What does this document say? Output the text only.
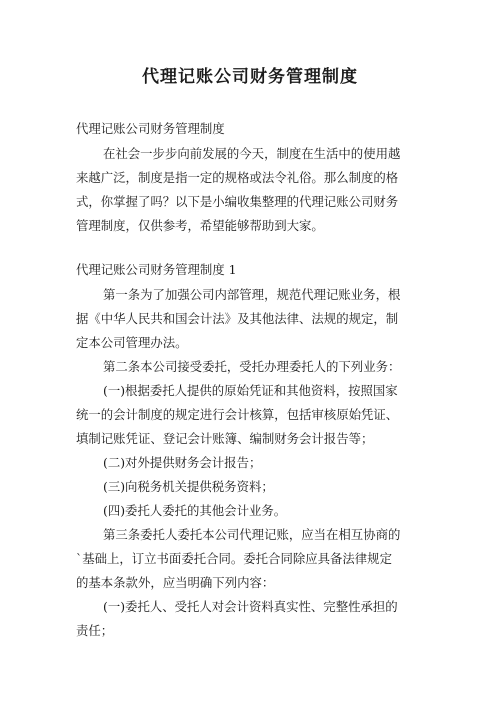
代理记账公司财务管理制度
代理记账公司财务管理制度
在社会一步步向前发展的今天，制度在生活中的使用越
来越广泛，制度是指一定的规格或法令礼俗。那么制度的格
式，你掌握了吗？以下是小编收集整理的代理记账公司财务
管理制度，仅供参考，希望能够帮助到大家。
代理记账公司财务管理制度 1
第一条为了加强公司内部管理，规范代理记账业务，根
据《中华人民共和国会计法》及其他法律、法规的规定，制
定本公司管理办法。
第二条本公司接受委托，受托办理委托人的下列业务：
(一)根据委托人提供的原始凭证和其他资料，按照国家
统一的会计制度的规定进行会计核算，包括审核原始凭证、
填制记账凭证、登记会计账簿、编制财务会计报告等；
(二)对外提供财务会计报告；
(三)向税务机关提供税务资料；
(四)委托人委托的其他会计业务。
第三条委托人委托本公司代理记账，应当在相互协商的
`基础上，订立书面委托合同。委托合同除应具备法律规定
的基本条款外，应当明确下列内容：
(一)委托人、受托人对会计资料真实性、完整性承担的
责任；
